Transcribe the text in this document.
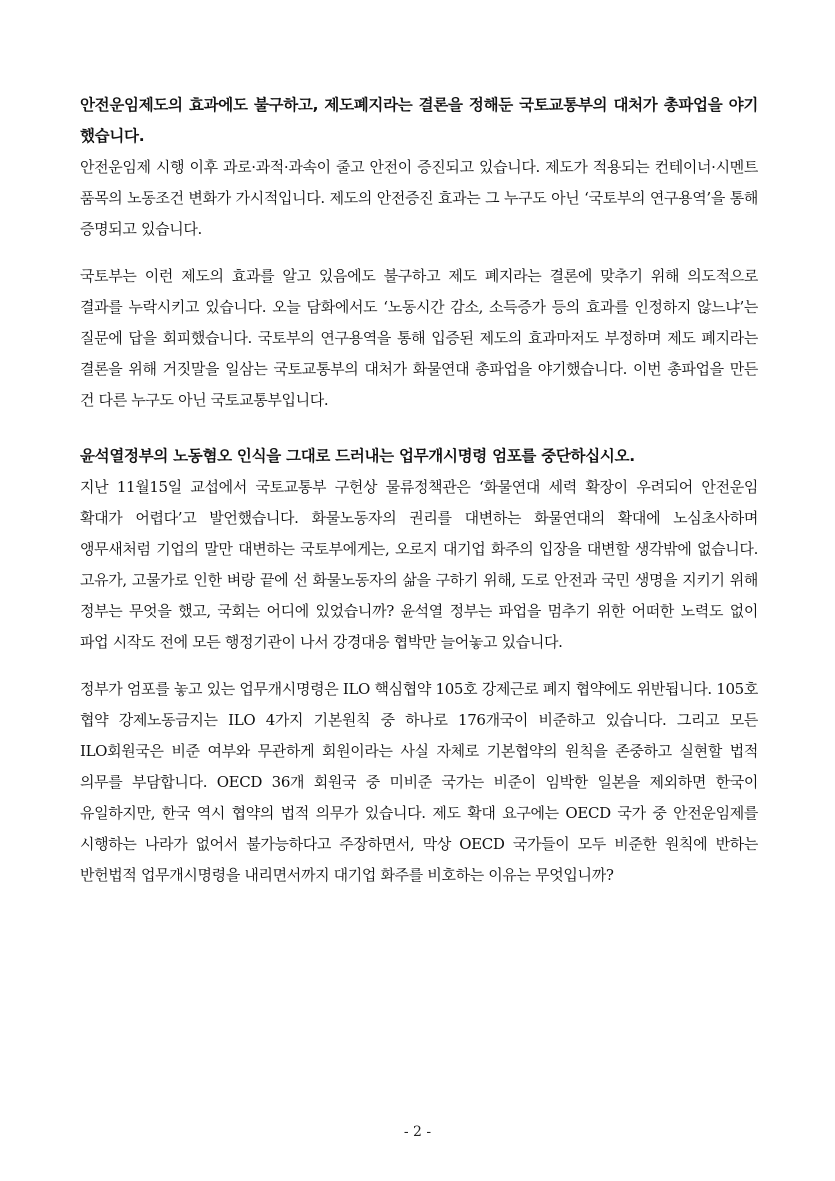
안전운임제도의 효과에도 불구하고, 제도폐지라는 결론을 정해둔 국토교통부의 대처가 총파업을 야기했습니다.

안전운임제 시행 이후 과로·과적·과속이 줄고 안전이 증진되고 있습니다. 제도가 적용되는 컨테이너·시멘트 품목의 노동조건 변화가 가시적입니다. 제도의 안전증진 효과는 그 누구도 아닌 ‘국토부의 연구용역’을 통해 증명되고 있습니다.

국토부는 이런 제도의 효과를 알고 있음에도 불구하고 제도 폐지라는 결론에 맞추기 위해 의도적으로 결과를 누락시키고 있습니다. 오늘 담화에서도 ‘노동시간 감소, 소득증가 등의 효과를 인정하지 않느냐’는 질문에 답을 회피했습니다. 국토부의 연구용역을 통해 입증된 제도의 효과마저도 부정하며 제도 폐지라는 결론을 위해 거짓말을 일삼는 국토교통부의 대처가 화물연대 총파업을 야기했습니다. 이번 총파업을 만든 건 다른 누구도 아닌 국토교통부입니다.

윤석열정부의 노동혐오 인식을 그대로 드러내는 업무개시명령 엄포를 중단하십시오.

지난 11월15일 교섭에서 국토교통부 구헌상 물류정책관은 ‘화물연대 세력 확장이 우려되어 안전운임 확대가 어렵다’고 발언했습니다. 화물노동자의 권리를 대변하는 화물연대의 확대에 노심초사하며 앵무새처럼 기업의 말만 대변하는 국토부에게는, 오로지 대기업 화주의 입장을 대변할 생각밖에 없습니다. 고유가, 고물가로 인한 벼랑 끝에 선 화물노동자의 삶을 구하기 위해, 도로 안전과 국민 생명을 지키기 위해 정부는 무엇을 했고, 국회는 어디에 있었습니까? 윤석열 정부는 파업을 멈추기 위한 어떠한 노력도 없이 파업 시작도 전에 모든 행정기관이 나서 강경대응 협박만 늘어놓고 있습니다.

정부가 엄포를 놓고 있는 업무개시명령은 ILO 핵심협약 105호 강제근로 폐지 협약에도 위반됩니다. 105호 협약 강제노동금지는 ILO 4가지 기본원칙 중 하나로 176개국이 비준하고 있습니다. 그리고 모든 ILO회원국은 비준 여부와 무관하게 회원이라는 사실 자체로 기본협약의 원칙을 존중하고 실현할 법적 의무를 부담합니다. OECD 36개 회원국 중 미비준 국가는 비준이 임박한 일본을 제외하면 한국이 유일하지만, 한국 역시 협약의 법적 의무가 있습니다. 제도 확대 요구에는 OECD 국가 중 안전운임제를 시행하는 나라가 없어서 불가능하다고 주장하면서, 막상 OECD 국가들이 모두 비준한 원칙에 반하는 반헌법적 업무개시명령을 내리면서까지 대기업 화주를 비호하는 이유는 무엇입니까?

- 2 -
